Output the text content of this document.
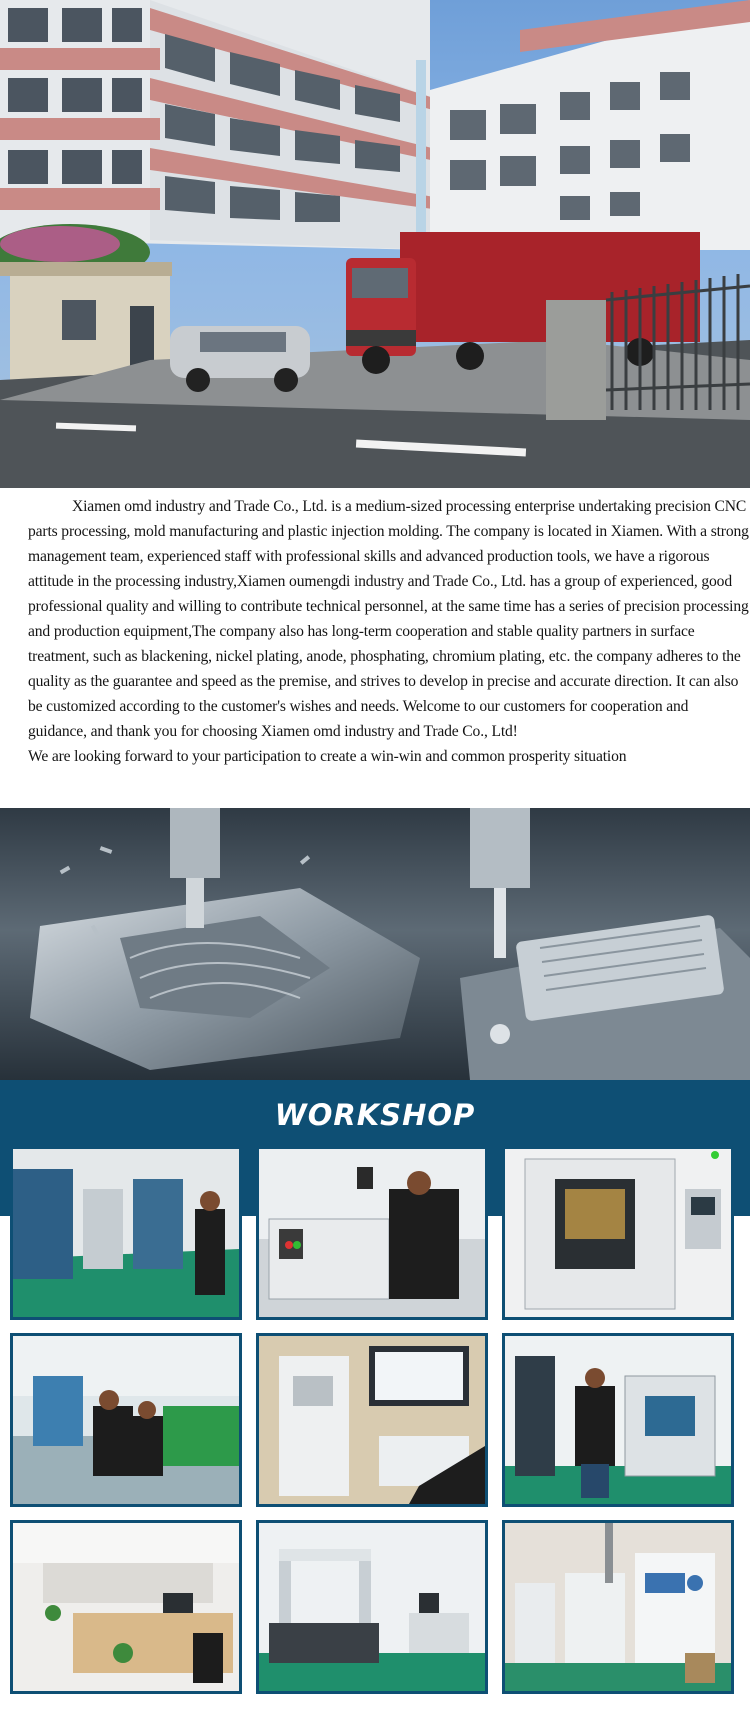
Xiamen omd industry and Trade Co., Ltd. is a medium-sized processing enterprise undertaking precision CNC parts processing, mold manufacturing and plastic injection molding. The company is located in Xiamen. With a strong management team, experienced staff with professional skills and advanced production tools, we have a rigorous attitude in the processing industry,Xiamen oumengdi industry and Trade Co., Ltd. has a group of experienced, good professional quality and willing to contribute technical personnel, at the same time has a series of precision processing and production equipment,The company also has long-term cooperation and stable quality partners in surface treatment, such as blackening, nickel plating, anode, phosphating, chromium plating, etc. the company adheres to the quality as the guarantee and speed as the premise, and strives to develop in precise and accurate direction. It can also be customized according to the customer's wishes and needs. Welcome to our customers for cooperation and guidance, and thank you for choosing Xiamen omd industry and Trade Co., Ltd!

We are looking forward to your participation to create a win-win and common prosperity situation

WORKSHOP
